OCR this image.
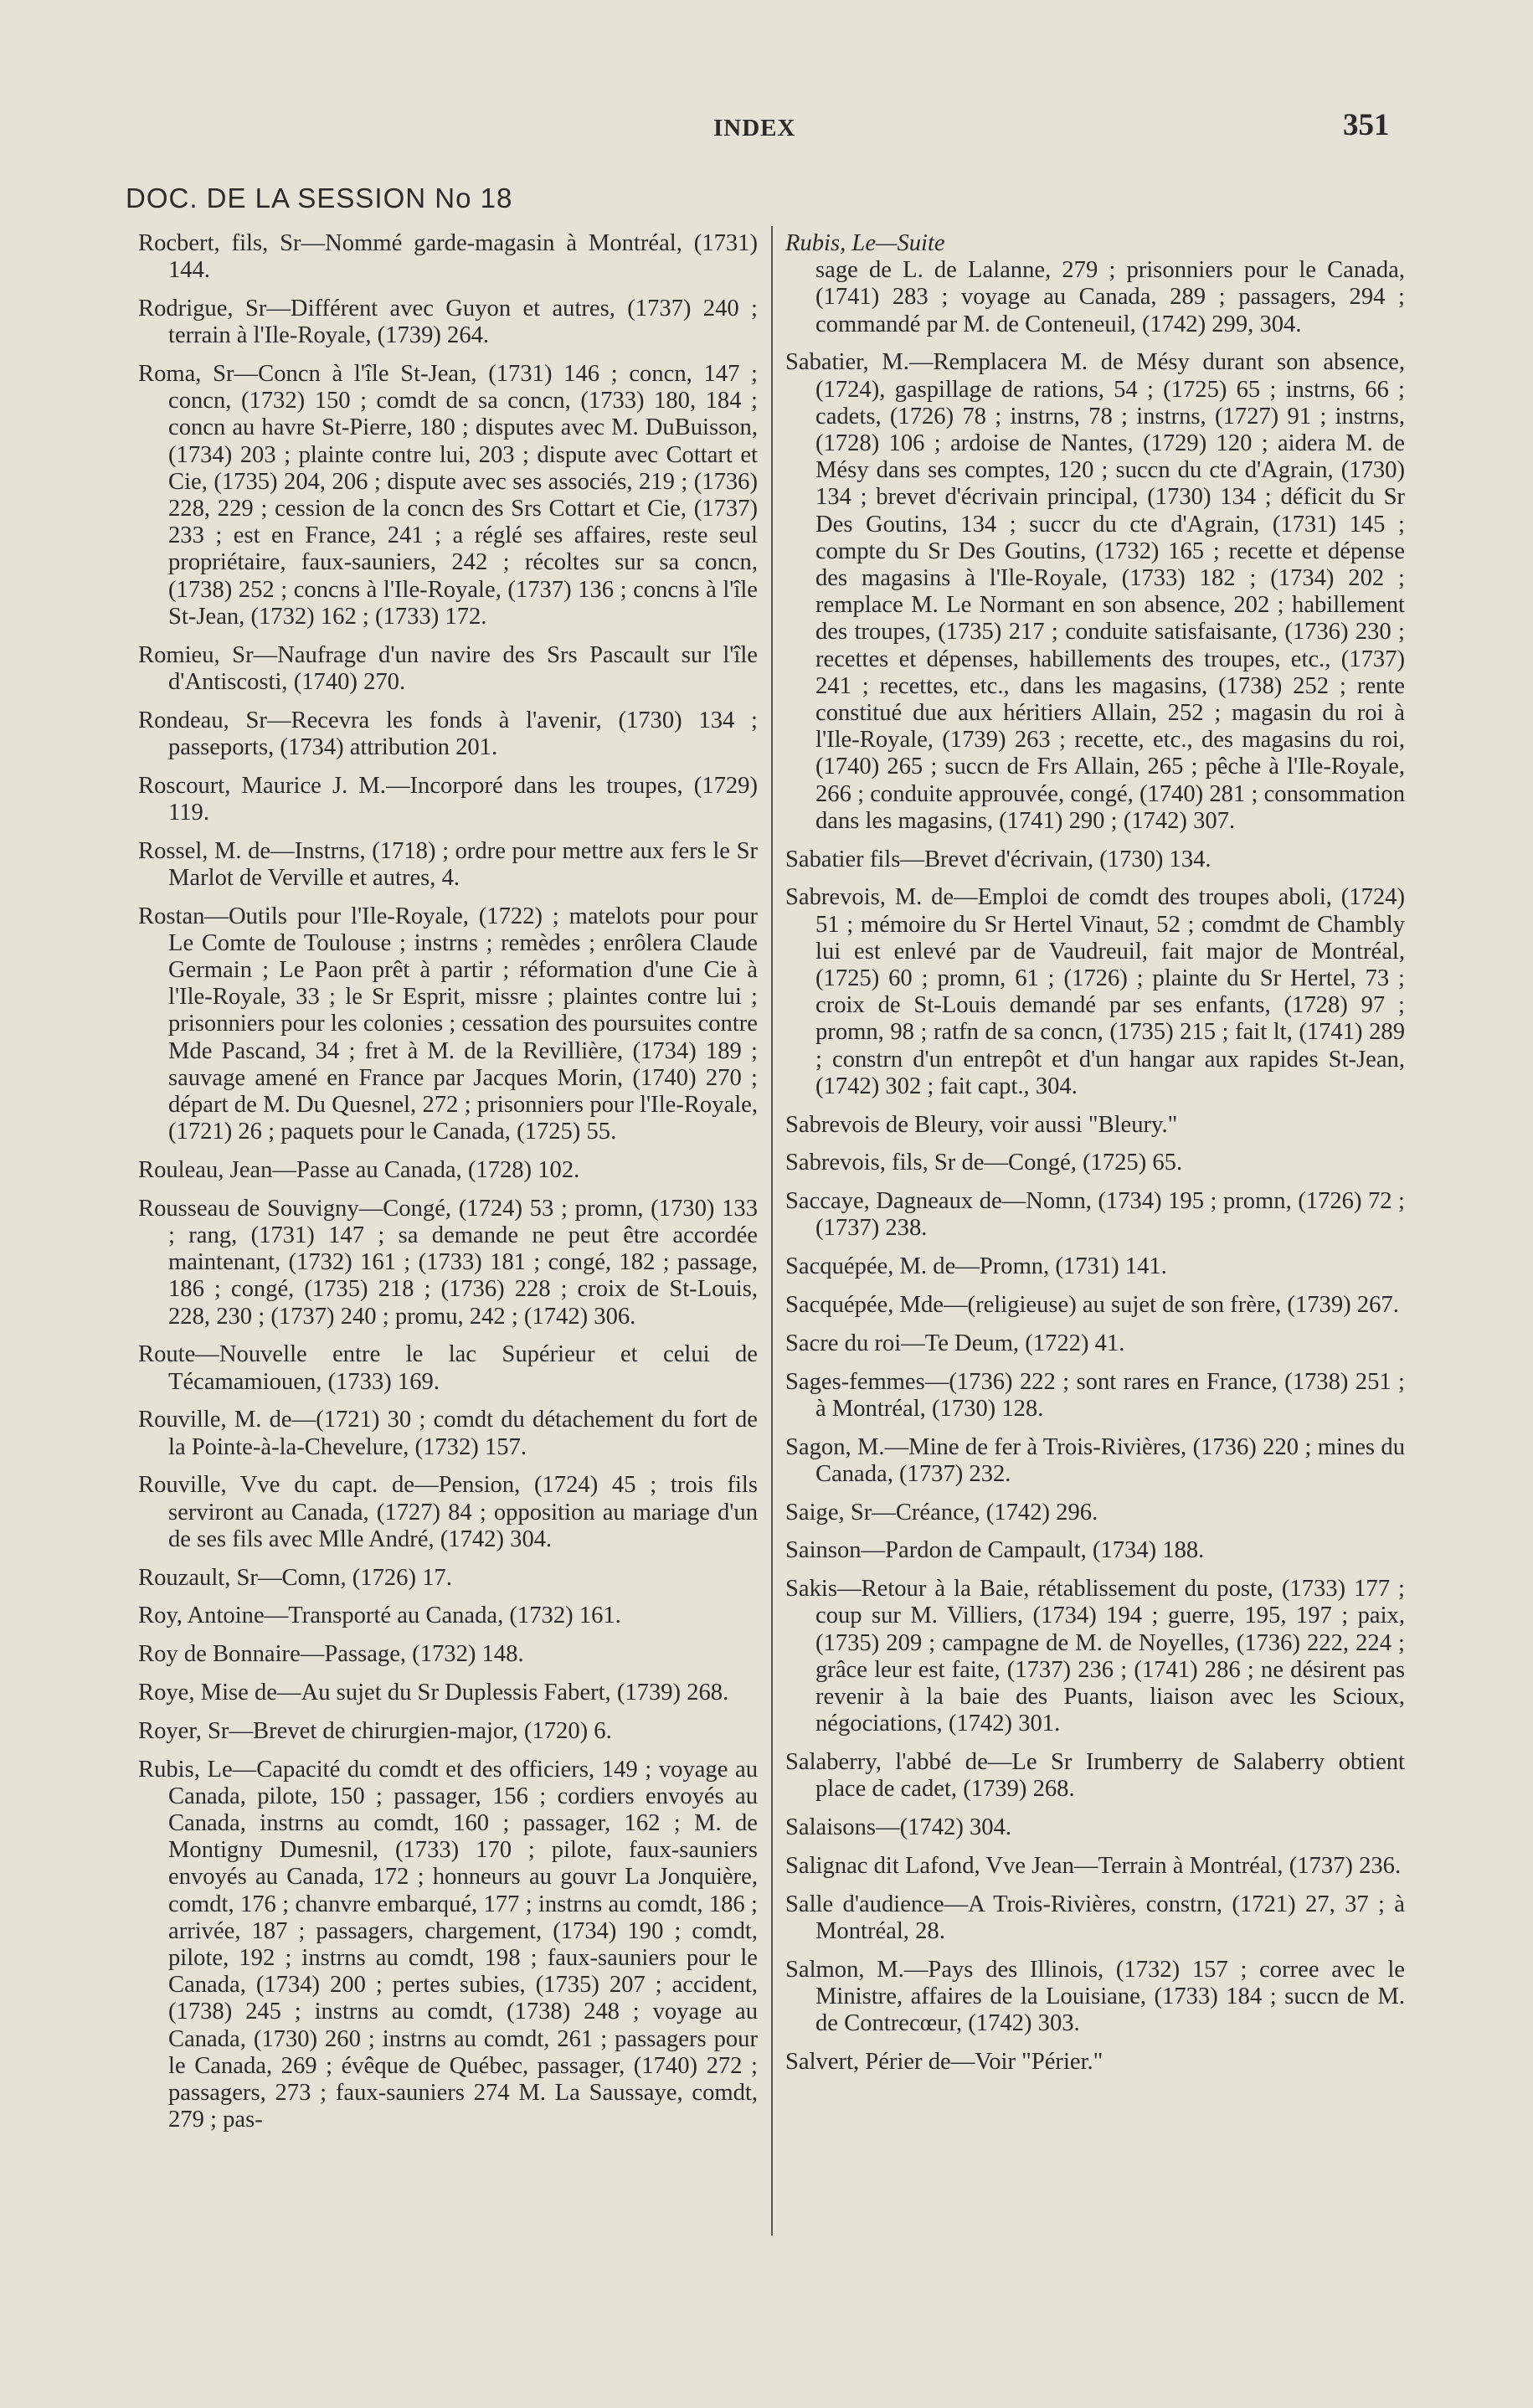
INDEX	351
DOC. DE LA SESSION No 18

Rocbert, fils, Sr—Nommé garde-magasin à Montréal, (1731) 144.

Rodrigue, Sr—Différent avec Guyon et autres, (1737) 240 ; terrain à l'Ile-Royale, (1739) 264.

Roma, Sr—Concn à l'île St-Jean, (1731) 146 ; concn, 147 ; concn, (1732) 150 ; comdt de sa concn, (1733) 180, 184 ; concn au havre St-Pierre, 180 ; disputes avec M. DuBuisson, (1734) 203 ; plainte contre lui, 203 ; dispute avec Cottart et Cie, (1735) 204, 206 ; dispute avec ses associés, 219 ; (1736) 228, 229 ; cession de la concn des Srs Cottart et Cie, (1737) 233 ; est en France, 241 ; a réglé ses affaires, reste seul propriétaire, faux-sauniers, 242 ; récoltes sur sa concn, (1738) 252 ; concns à l'Ile-Royale, (1737) 136 ; concns à l'île St-Jean, (1732) 162 ; (1733) 172.

Romieu, Sr—Naufrage d'un navire des Srs Pascault sur l'île d'Antiscosti, (1740) 270.

Rondeau, Sr—Recevra les fonds à l'avenir, (1730) 134 ; passeports, (1734) attribution 201.

Roscourt, Maurice J. M.—Incorporé dans les troupes, (1729) 119.

Rossel, M. de—Instrns, (1718) ; ordre pour mettre aux fers le Sr Marlot de Verville et autres, 4.

Rostan—Outils pour l'Ile-Royale, (1722) ; matelots pour pour Le Comte de Toulouse ; instrns ; remèdes ; enrôlera Claude Germain ; Le Paon prêt à partir ; réformation d'une Cie à l'Ile-Royale, 33 ; le Sr Esprit, missre ; plaintes contre lui ; prisonniers pour les colonies ; cessation des poursuites contre Mde Pascand, 34 ; fret à M. de la Revillière, (1734) 189 ; sauvage amené en France par Jacques Morin, (1740) 270 ; départ de M. Du Quesnel, 272 ; prisonniers pour l'Ile-Royale, (1721) 26 ; paquets pour le Canada, (1725) 55.

Rouleau, Jean—Passe au Canada, (1728) 102.

Rousseau de Souvigny—Congé, (1724) 53 ; promn, (1730) 133 ; rang, (1731) 147 ; sa demande ne peut être accordée maintenant, (1732) 161 ; (1733) 181 ; congé, 182 ; passage, 186 ; congé, (1735) 218 ; (1736) 228 ; croix de St-Louis, 228, 230 ; (1737) 240 ; promu, 242 ; (1742) 306.

Route—Nouvelle entre le lac Supérieur et celui de Técamamiouen, (1733) 169.

Rouville, M. de—(1721) 30 ; comdt du détachement du fort de la Pointe-à-la-Chevelure, (1732) 157.

Rouville, Vve du capt. de—Pension, (1724) 45 ; trois fils serviront au Canada, (1727) 84 ; opposition au mariage d'un de ses fils avec Mlle André, (1742) 304.

Rouzault, Sr—Comn, (1726) 17.

Roy, Antoine—Transporté au Canada, (1732) 161.

Roy de Bonnaire—Passage, (1732) 148.

Roye, Mise de—Au sujet du Sr Duplessis Fabert, (1739) 268.

Royer, Sr—Brevet de chirurgien-major, (1720) 6.

Rubis, Le—Capacité du comdt et des officiers, 149 ; voyage au Canada, pilote, 150 ; passager, 156 ; cordiers envoyés au Canada, instrns au comdt, 160 ; passager, 162 ; M. de Montigny Dumesnil, (1733) 170 ; pilote, faux-sauniers envoyés au Canada, 172 ; honneurs au gouvr La Jonquière, comdt, 176 ; chanvre embarqué, 177 ; instrns au comdt, 186 ; arrivée, 187 ; passagers, chargement, (1734) 190 ; comdt, pilote, 192 ; instrns au comdt, 198 ; faux-sauniers pour le Canada, (1734) 200 ; pertes subies, (1735) 207 ; accident, (1738) 245 ; instrns au comdt, (1738) 248 ; voyage au Canada, (1730) 260 ; instrns au comdt, 261 ; passagers pour le Canada, 269 ; évêque de Québec, passager, (1740) 272 ; passagers, 273 ; faux-sauniers 274 M. La Saussaye, comdt, 279 ; pas-

Rubis, Le—Suite
sage de L. de Lalanne, 279 ; prisonniers pour le Canada, (1741) 283 ; voyage au Canada, 289 ; passagers, 294 ; commandé par M. de Conteneuil, (1742) 299, 304.

Sabatier, M.—Remplacera M. de Mésy durant son absence, (1724), gaspillage de rations, 54 ; (1725) 65 ; instrns, 66 ; cadets, (1726) 78 ; instrns, 78 ; instrns, (1727) 91 ; instrns, (1728) 106 ; ardoise de Nantes, (1729) 120 ; aidera M. de Mésy dans ses comptes, 120 ; succn du cte d'Agrain, (1730) 134 ; brevet d'écrivain principal, (1730) 134 ; déficit du Sr Des Goutins, 134 ; succr du cte d'Agrain, (1731) 145 ; compte du Sr Des Goutins, (1732) 165 ; recette et dépense des magasins à l'Ile-Royale, (1733) 182 ; (1734) 202 ; remplace M. Le Normant en son absence, 202 ; habillement des troupes, (1735) 217 ; conduite satisfaisante, (1736) 230 ; recettes et dépenses, habillements des troupes, etc., (1737) 241 ; recettes, etc., dans les magasins, (1738) 252 ; rente constitué due aux héritiers Allain, 252 ; magasin du roi à l'Ile-Royale, (1739) 263 ; recette, etc., des magasins du roi, (1740) 265 ; succn de Frs Allain, 265 ; pêche à l'Ile-Royale, 266 ; conduite approuvée, congé, (1740) 281 ; consommation dans les magasins, (1741) 290 ; (1742) 307.

Sabatier fils—Brevet d'écrivain, (1730) 134.

Sabrevois, M. de—Emploi de comdt des troupes aboli, (1724) 51 ; mémoire du Sr Hertel Vinaut, 52 ; comdmt de Chambly lui est enlevé par de Vaudreuil, fait major de Montréal, (1725) 60 ; promn, 61 ; (1726) ; plainte du Sr Hertel, 73 ; croix de St-Louis demandé par ses enfants, (1728) 97 ; promn, 98 ; ratfn de sa concn, (1735) 215 ; fait lt, (1741) 289 ; constrn d'un entrepôt et d'un hangar aux rapides St-Jean, (1742) 302 ; fait capt., 304.

Sabrevois de Bleury, voir aussi "Bleury."

Sabrevois, fils, Sr de—Congé, (1725) 65.

Saccaye, Dagneaux de—Nomn, (1734) 195 ; promn, (1726) 72 ; (1737) 238.

Sacquépée, M. de—Promn, (1731) 141.

Sacquépée, Mde—(religieuse) au sujet de son frère, (1739) 267.

Sacre du roi—Te Deum, (1722) 41.

Sages-femmes—(1736) 222 ; sont rares en France, (1738) 251 ; à Montréal, (1730) 128.

Sagon, M.—Mine de fer à Trois-Rivières, (1736) 220 ; mines du Canada, (1737) 232.

Saige, Sr—Créance, (1742) 296.

Sainson—Pardon de Campault, (1734) 188.

Sakis—Retour à la Baie, rétablissement du poste, (1733) 177 ; coup sur M. Villiers, (1734) 194 ; guerre, 195, 197 ; paix, (1735) 209 ; campagne de M. de Noyelles, (1736) 222, 224 ; grâce leur est faite, (1737) 236 ; (1741) 286 ; ne désirent pas revenir à la baie des Puants, liaison avec les Scioux, négociations, (1742) 301.

Salaberry, l'abbé de—Le Sr Irumberry de Salaberry obtient place de cadet, (1739) 268.

Salaisons—(1742) 304.

Salignac dit Lafond, Vve Jean—Terrain à Montréal, (1737) 236.

Salle d'audience—A Trois-Rivières, constrn, (1721) 27, 37 ; à Montréal, 28.

Salmon, M.—Pays des Illinois, (1732) 157 ; corree avec le Ministre, affaires de la Louisiane, (1733) 184 ; succn de M. de Contrecœur, (1742) 303.

Salvert, Périer de—Voir "Périer."
